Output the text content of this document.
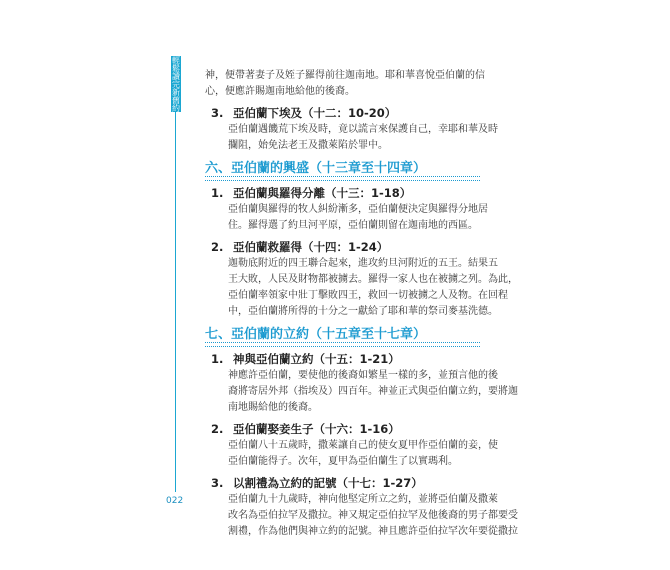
輕鬆讀完新舊約
022

神，便帶著妻子及姪子羅得前往迦南地。耶和華喜悅亞伯蘭的信
心，便應許賜迦南地給他的後裔。

3. 亞伯蘭下埃及（十二：10-20）

亞伯蘭遇饑荒下埃及時，竟以謊言來保護自己，幸耶和華及時
攔阻，始免法老王及撒萊陷於罪中。

六、亞伯蘭的興盛（十三章至十四章）
1. 亞伯蘭與羅得分離（十三：1-18）

亞伯蘭與羅得的牧人糾紛漸多，亞伯蘭便決定與羅得分地居
住。羅得選了約旦河平原，亞伯蘭則留在迦南地的西區。

2. 亞伯蘭救羅得（十四：1-24）

迦勒底附近的四王聯合起來，進攻約旦河附近的五王。結果五
王大敗，人民及財物都被擄去。羅得一家人也在被擄之列。為此，
亞伯蘭率領家中壯丁擊敗四王，救回一切被擄之人及物。在回程
中，亞伯蘭將所得的十分之一獻給了耶和華的祭司麥基洗德。

七、亞伯蘭的立約（十五章至十七章）
1. 神與亞伯蘭立約（十五：1-21）

神應許亞伯蘭，要使他的後裔如繁星一樣的多，並預言他的後
裔將寄居外邦（指埃及）四百年。神並正式與亞伯蘭立約，要將迦
南地賜給他的後裔。

2. 亞伯蘭娶妾生子（十六：1-16）

亞伯蘭八十五歲時，撒萊讓自己的使女夏甲作亞伯蘭的妾，使
亞伯蘭能得子。次年，夏甲為亞伯蘭生了以實瑪利。

3. 以割禮為立約的記號（十七：1-27）

亞伯蘭九十九歲時，神向他堅定所立之約，並將亞伯蘭及撒萊
改名為亞伯拉罕及撒拉。神又規定亞伯拉罕及他後裔的男子都要受
割禮，作為他們與神立約的記號。神且應許亞伯拉罕次年要從撒拉
